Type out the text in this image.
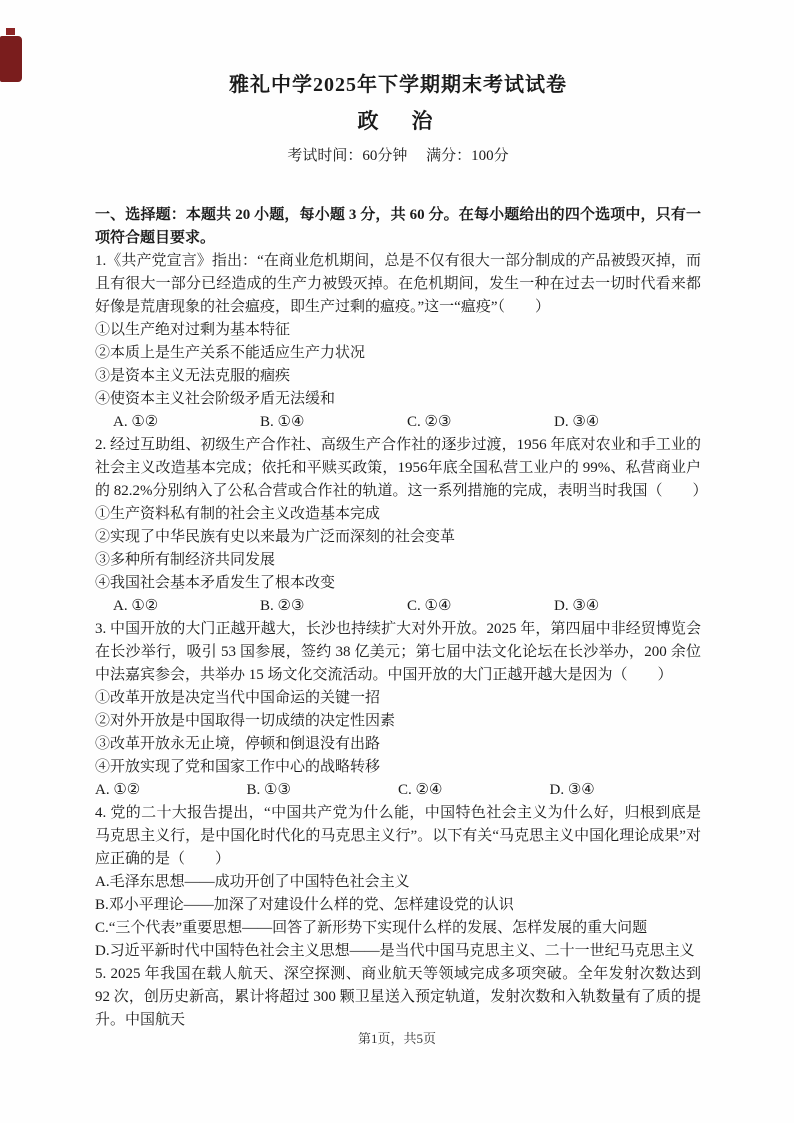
雅礼中学2025年下学期期末考试试卷
政　治

考试时间：60分钟　 满分：100分

一、选择题：本题共 20 小题，每小题 3 分，共 60 分。在每小题给出的四个选项中，只有一项符合题目要求。

1.《共产党宣言》指出：“在商业危机期间，总是不仅有很大一部分制成的产品被毁灭掉，而且有很大一部分已经造成的生产力被毁灭掉。在危机期间，发生一种在过去一切时代看来都好像是荒唐现象的社会瘟疫，即生产过剩的瘟疫。”这一“瘟疫”（　　）

①以生产绝对过剩为基本特征

②本质上是生产关系不能适应生产力状况

③是资本主义无法克服的痼疾

④使资本主义社会阶级矛盾无法缓和

A. ①②	B. ①④	C. ②③	D. ③④

2. 经过互助组、初级生产合作社、高级生产合作社的逐步过渡，1956 年底对农业和手工业的社会主义改造基本完成；依托和平赎买政策，1956年底全国私营工业户的 99%、私营商业户的 82.2%分别纳入了公私合营或合作社的轨道。这一系列措施的完成，表明当时我国（　　）

①生产资料私有制的社会主义改造基本完成

②实现了中华民族有史以来最为广泛而深刻的社会变革

③多种所有制经济共同发展

④我国社会基本矛盾发生了根本改变

A. ①②	B. ②③	C. ①④	D. ③④

3. 中国开放的大门正越开越大，长沙也持续扩大对外开放。2025 年，第四届中非经贸博览会在长沙举行，吸引 53 国参展，签约 38 亿美元；第七届中法文化论坛在长沙举办，200 余位中法嘉宾参会，共举办 15 场文化交流活动。中国开放的大门正越开越大是因为（　　）

①改革开放是决定当代中国命运的关键一招

②对外开放是中国取得一切成绩的决定性因素

③改革开放永无止境，停顿和倒退没有出路

④开放实现了党和国家工作中心的战略转移

A. ①②	B. ①③	C. ②④	D. ③④

4. 党的二十大报告提出，“中国共产党为什么能，中国特色社会主义为什么好，归根到底是马克思主义行，是中国化时代化的马克思主义行”。以下有关“马克思主义中国化理论成果”对应正确的是（　　）

A.毛泽东思想——成功开创了中国特色社会主义

B.邓小平理论——加深了对建设什么样的党、怎样建设党的认识

C.“三个代表”重要思想——回答了新形势下实现什么样的发展、怎样发展的重大问题

D.习近平新时代中国特色社会主义思想——是当代中国马克思主义、二十一世纪马克思主义

5. 2025 年我国在载人航天、深空探测、商业航天等领域完成多项突破。全年发射次数达到 92 次，创历史新高，累计将超过 300 颗卫星送入预定轨道，发射次数和入轨数量有了质的提升。中国航天

第1页，共5页
